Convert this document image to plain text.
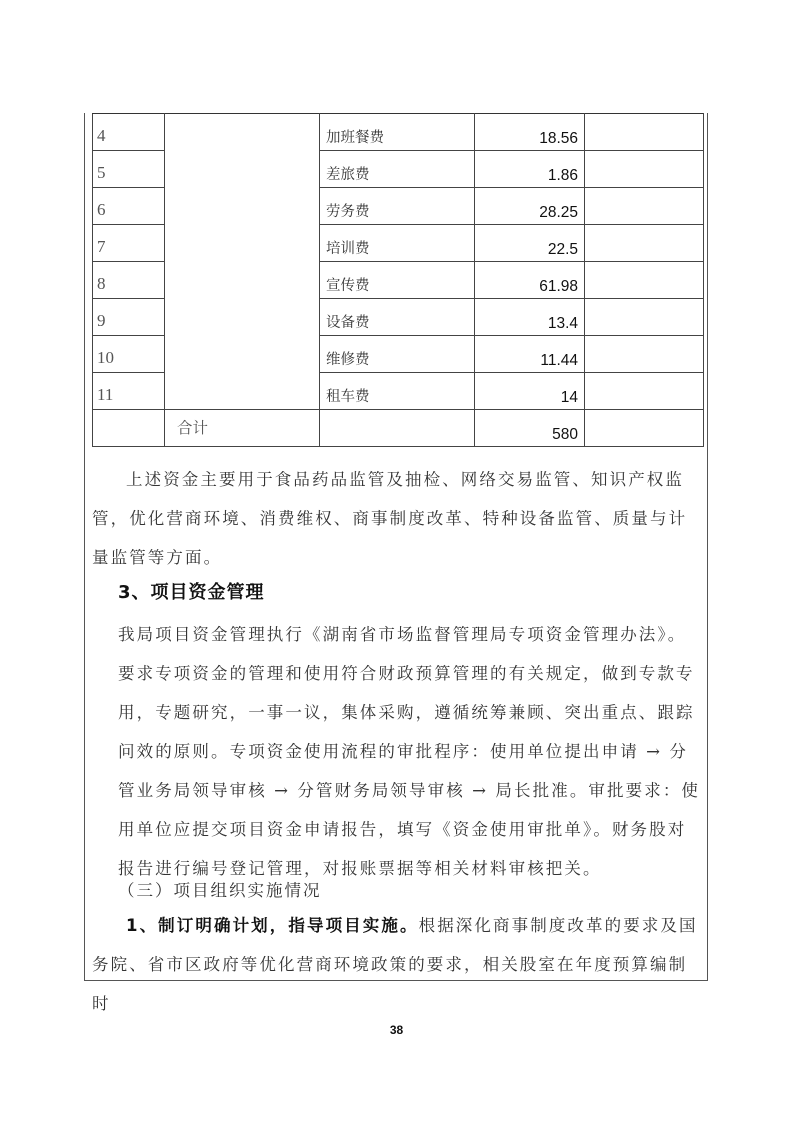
4		加班餐费	18.56	
5		差旅费	1.86	
6		劳务费	28.25	
7		培训费	22.5	
8		宣传费	61.98	
9		设备费	13.4	
10		维修费	11.44	
11		租车费	14	
	合计		580	

上述资金主要用于食品药品监管及抽检、网络交易监管、知识产权监管，优化营商环境、消费维权、商事制度改革、特种设备监管、质量与计量监管等方面。

3、项目资金管理

我局项目资金管理执行《湖南省市场监督管理局专项资金管理办法》。要求专项资金的管理和使用符合财政预算管理的有关规定，做到专款专用，专题研究，一事一议，集体采购，遵循统筹兼顾、突出重点、跟踪问效的原则。专项资金使用流程的审批程序：使用单位提出申请 → 分管业务局领导审核 → 分管财务局领导审核 → 局长批准。审批要求：使用单位应提交项目资金申请报告，填写《资金使用审批单》。财务股对报告进行编号登记管理，对报账票据等相关材料审核把关。

（三）项目组织实施情况

1、制订明确计划，指导项目实施。根据深化商事制度改革的要求及国务院、省市区政府等优化营商环境政策的要求，相关股室在年度预算编制时

38
